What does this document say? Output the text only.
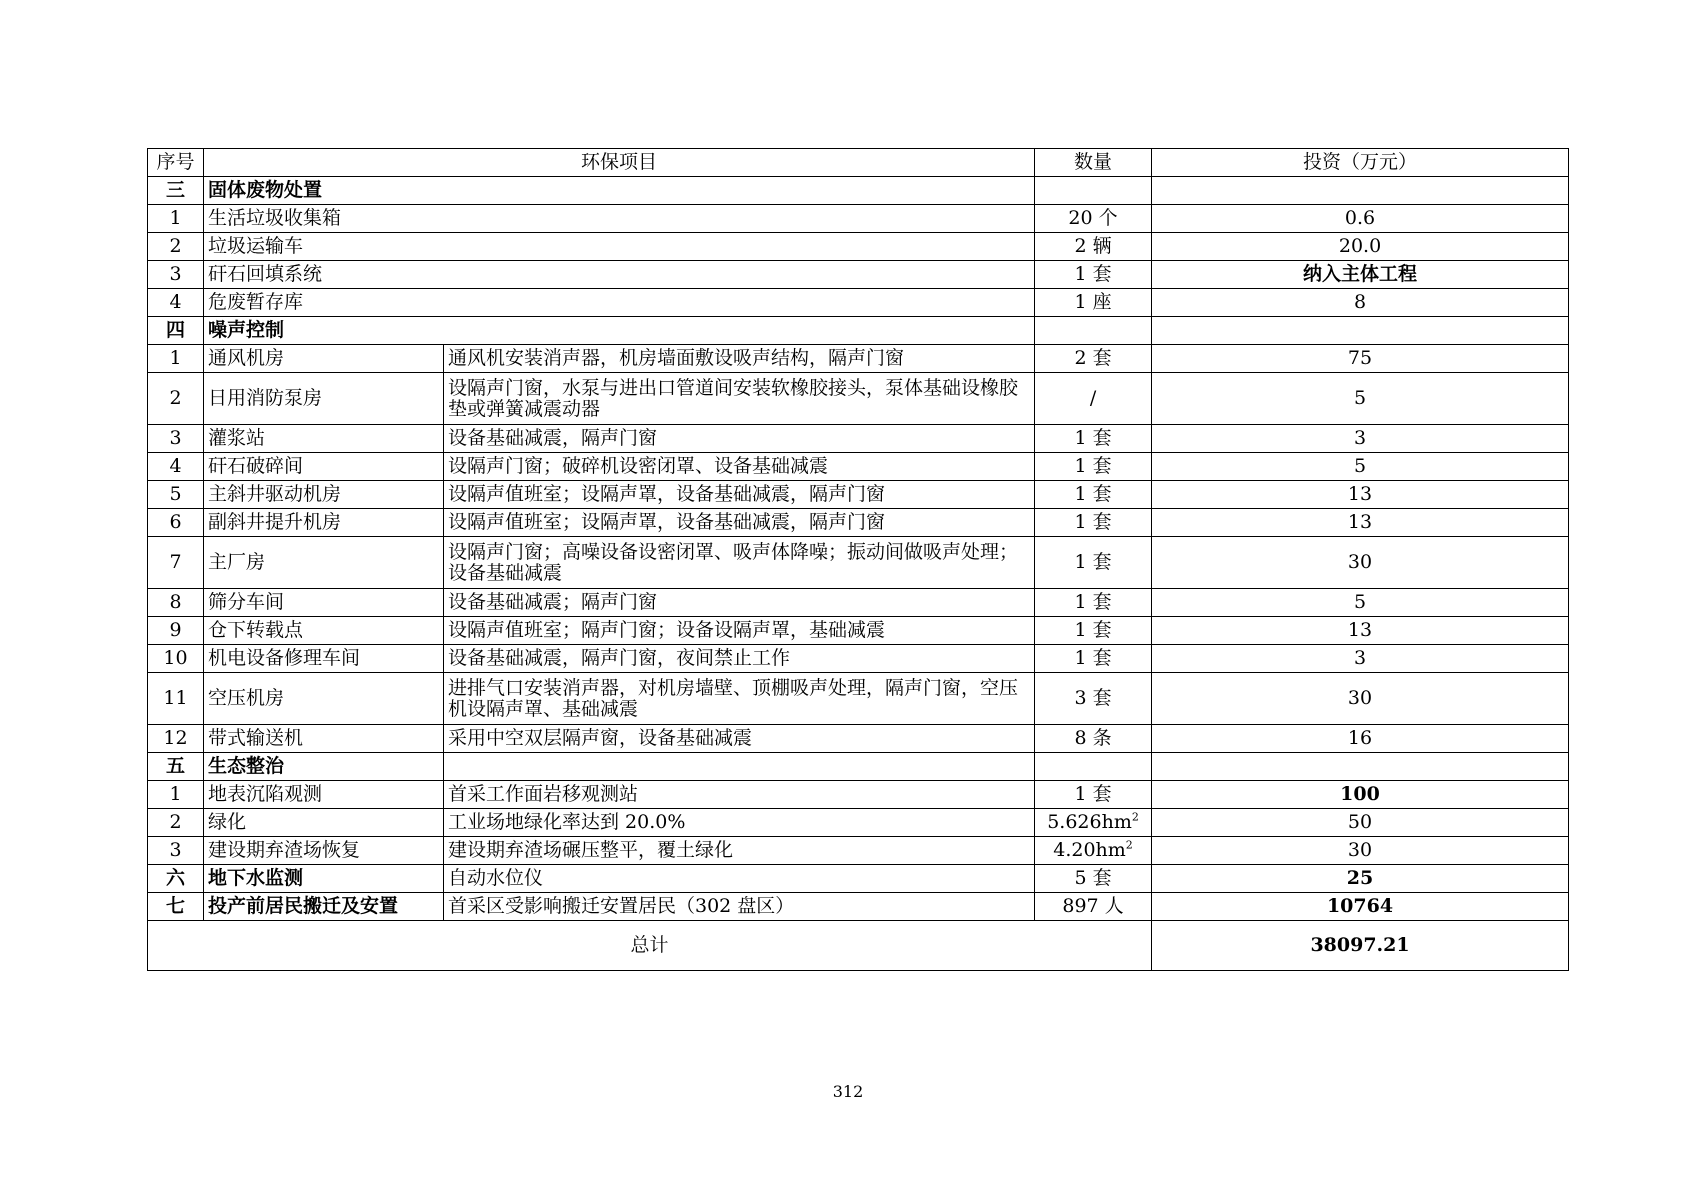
序号	环保项目		数量	投资（万元）
三	固体废物处置			
1	生活垃圾收集箱		20 个	0.6
2	垃圾运输车		2 辆	20.0
3	矸石回填系统		1 套	纳入主体工程
4	危废暂存库		1 座	8
四	噪声控制			
1	通风机房	通风机安装消声器，机房墙面敷设吸声结构，隔声门窗	2 套	75
2	日用消防泵房	设隔声门窗，水泵与进出口管道间安装软橡胶接头，泵体基础设橡胶垫或弹簧减震动器	/	5
3	灌浆站	设备基础减震，隔声门窗	1 套	3
4	矸石破碎间	设隔声门窗；破碎机设密闭罩、设备基础减震	1 套	5
5	主斜井驱动机房	设隔声值班室；设隔声罩，设备基础减震，隔声门窗	1 套	13
6	副斜井提升机房	设隔声值班室；设隔声罩，设备基础减震，隔声门窗	1 套	13
7	主厂房	设隔声门窗；高噪设备设密闭罩、吸声体降噪；振动间做吸声处理；设备基础减震	1 套	30
8	筛分车间	设备基础减震；隔声门窗	1 套	5
9	仓下转载点	设隔声值班室；隔声门窗；设备设隔声罩，基础减震	1 套	13
10	机电设备修理车间	设备基础减震，隔声门窗，夜间禁止工作	1 套	3
11	空压机房	进排气口安装消声器，对机房墙壁、顶棚吸声处理，隔声门窗，空压机设隔声罩、基础减震	3 套	30
12	带式输送机	采用中空双层隔声窗，设备基础减震	8 条	16
五	生态整治			
1	地表沉陷观测	首采工作面岩移观测站	1 套	100
2	绿化	工业场地绿化率达到 20.0%	$5.626hm^2$	50
3	建设期弃渣场恢复	建设期弃渣场碾压整平，覆土绿化	$4.20hm^2$	30
六	地下水监测	自动水位仪	5 套	25
七	投产前居民搬迁及安置	首采区受影响搬迁安置居民（302 盘区）	897 人	10764
总计				38097.21
312
